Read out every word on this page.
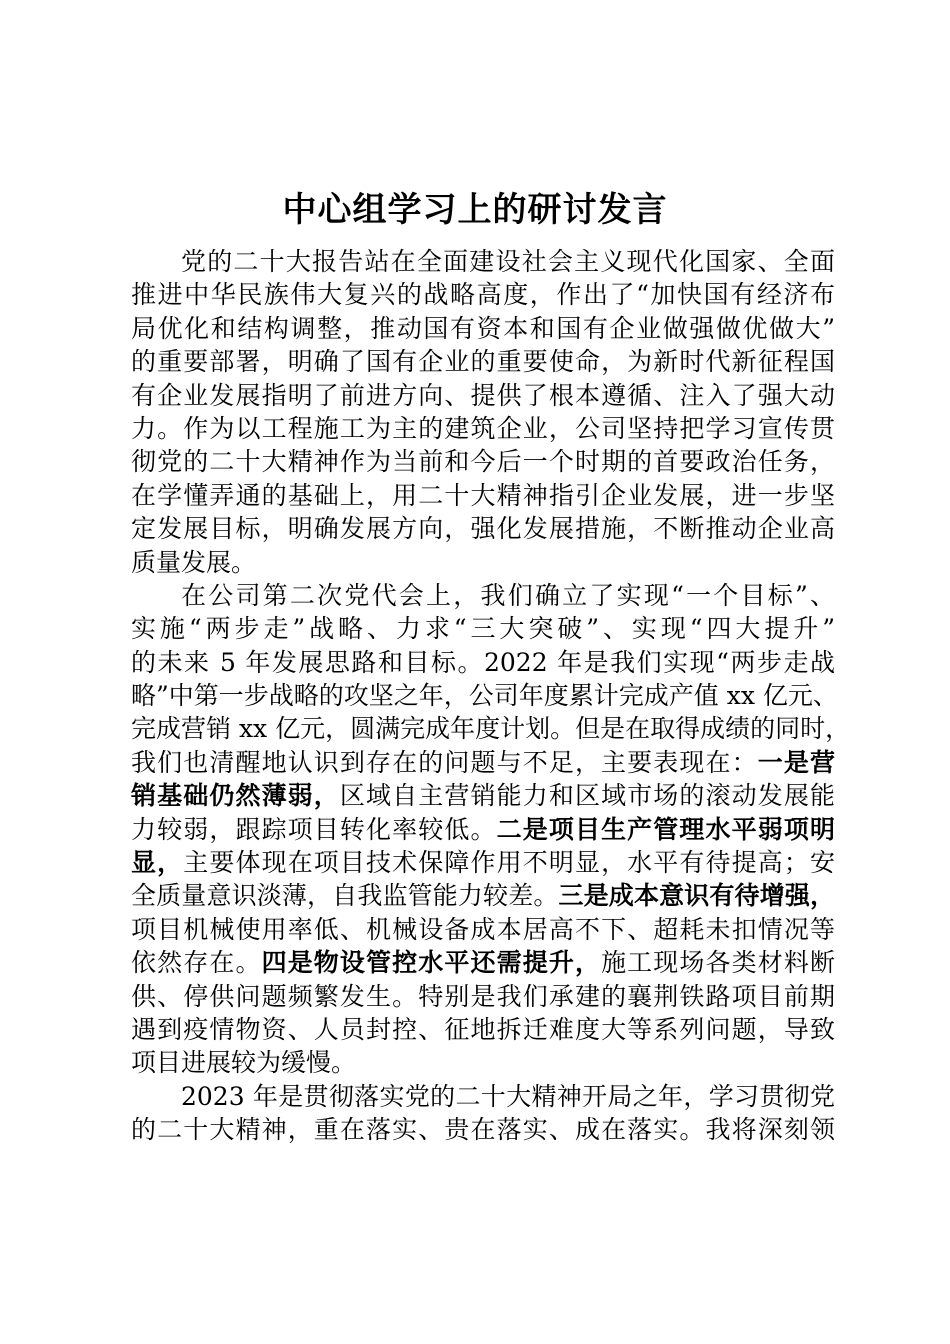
中心组学习上的研讨发言
党的二十大报告站在全面建设社会主义现代化国家、全面
推进中华民族伟大复兴的战略高度，作出了“加快国有经济布
局优化和结构调整，推动国有资本和国有企业做强做优做大”
的重要部署，明确了国有企业的重要使命，为新时代新征程国
有企业发展指明了前进方向、提供了根本遵循、注入了强大动
力。作为以工程施工为主的建筑企业，公司坚持把学习宣传贯
彻党的二十大精神作为当前和今后一个时期的首要政治任务，
在学懂弄通的基础上，用二十大精神指引企业发展，进一步坚
定发展目标，明确发展方向，强化发展措施，不断推动企业高
质量发展。
在公司第二次党代会上，我们确立了实现“一个目标”、
实施“两步走”战略、力求“三大突破”、实现“四大提升”
的未来 5 年发展思路和目标。2022 年是我们实现“两步走战
略”中第一步战略的攻坚之年，公司年度累计完成产值 xx 亿元、
完成营销 xx 亿元，圆满完成年度计划。但是在取得成绩的同时，
我们也清醒地认识到存在的问题与不足，主要表现在：一是营
销基础仍然薄弱，区域自主营销能力和区域市场的滚动发展能
力较弱，跟踪项目转化率较低。二是项目生产管理水平弱项明
显，主要体现在项目技术保障作用不明显，水平有待提高；安
全质量意识淡薄，自我监管能力较差。三是成本意识有待增强，
项目机械使用率低、机械设备成本居高不下、超耗未扣情况等
依然存在。四是物设管控水平还需提升，施工现场各类材料断
供、停供问题频繁发生。特别是我们承建的襄荆铁路项目前期
遇到疫情物资、人员封控、征地拆迁难度大等系列问题，导致
项目进展较为缓慢。
2023 年是贯彻落实党的二十大精神开局之年，学习贯彻党
的二十大精神，重在落实、贵在落实、成在落实。我将深刻领
